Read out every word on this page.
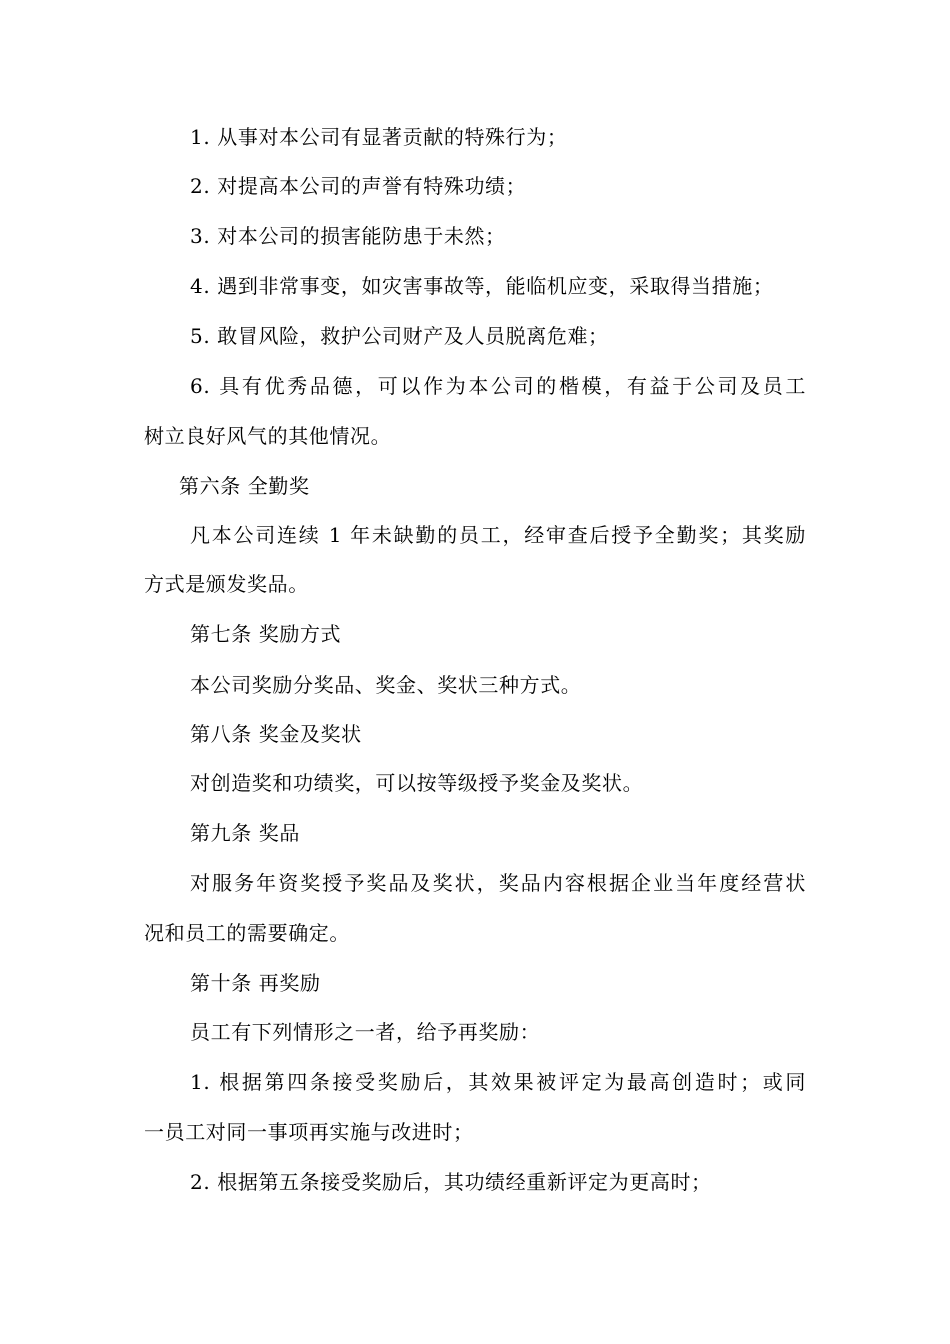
1. 从事对本公司有显著贡献的特殊行为；
2. 对提高本公司的声誉有特殊功绩；
3. 对本公司的损害能防患于未然；
4. 遇到非常事变，如灾害事故等，能临机应变，采取得当措施；
5. 敢冒风险，救护公司财产及人员脱离危难；
6. 具有优秀品德，可以作为本公司的楷模，有益于公司及员工
树立良好风气的其他情况。
第六条 全勤奖
凡本公司连续 1 年未缺勤的员工，经审查后授予全勤奖；其奖励
方式是颁发奖品。
第七条 奖励方式
本公司奖励分奖品、奖金、奖状三种方式。
第八条 奖金及奖状
对创造奖和功绩奖，可以按等级授予奖金及奖状。
第九条 奖品
对服务年资奖授予奖品及奖状，奖品内容根据企业当年度经营状
况和员工的需要确定。
第十条 再奖励
员工有下列情形之一者，给予再奖励：
1. 根据第四条接受奖励后，其效果被评定为最高创造时；或同
一员工对同一事项再实施与改进时；
2. 根据第五条接受奖励后，其功绩经重新评定为更高时；
